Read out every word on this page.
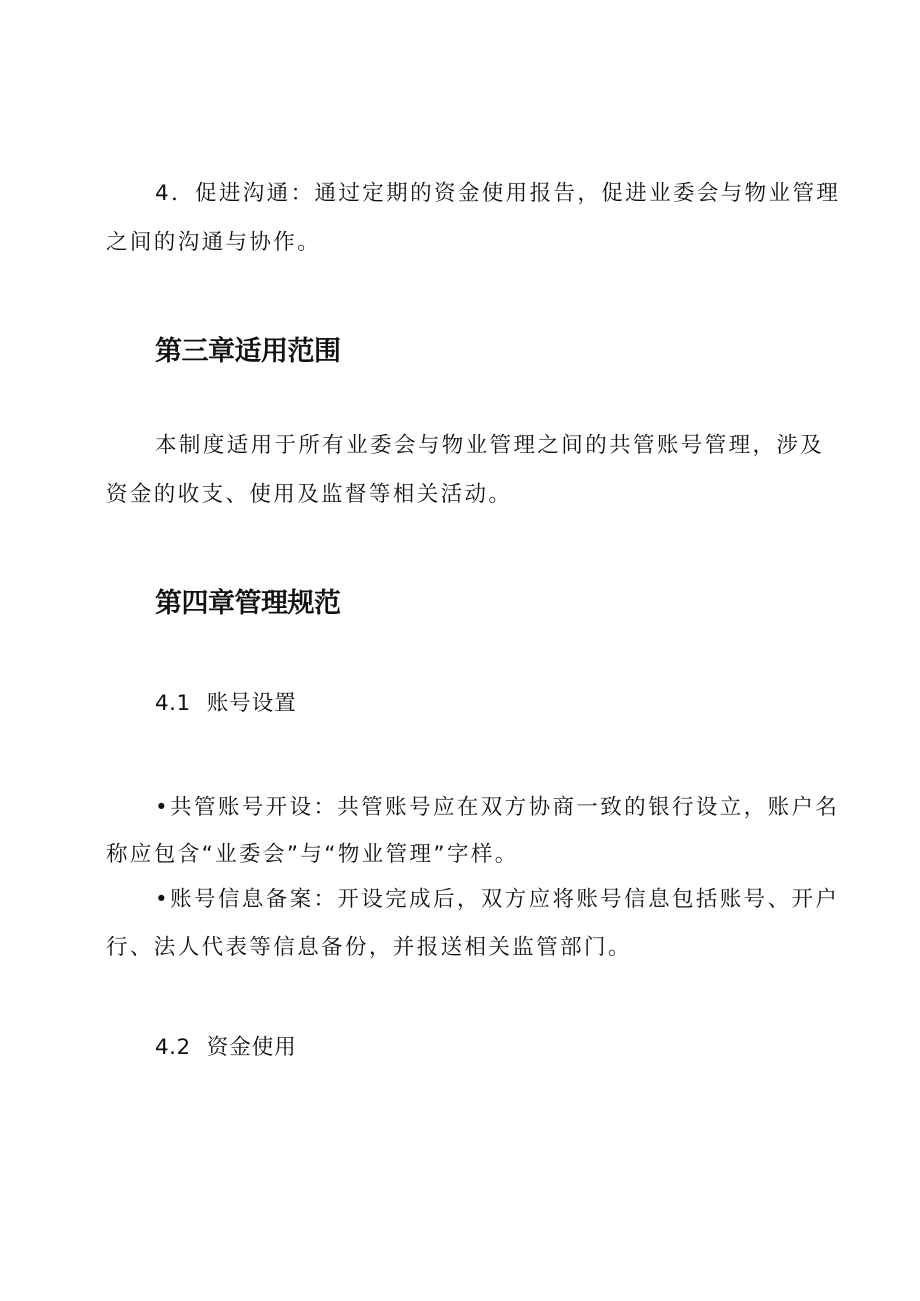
4．促进沟通：通过定期的资金使用报告，促进业委会与物业管理
之间的沟通与协作。
第三章适用范围
本制度适用于所有业委会与物业管理之间的共管账号管理，涉及
资金的收支、使用及监督等相关活动。
第四章管理规范
4.1 账号设置
•共管账号开设：共管账号应在双方协商一致的银行设立，账户名
称应包含“业委会”与“物业管理”字样。
•账号信息备案：开设完成后，双方应将账号信息包括账号、开户
行、法人代表等信息备份，并报送相关监管部门。
4.2 资金使用
